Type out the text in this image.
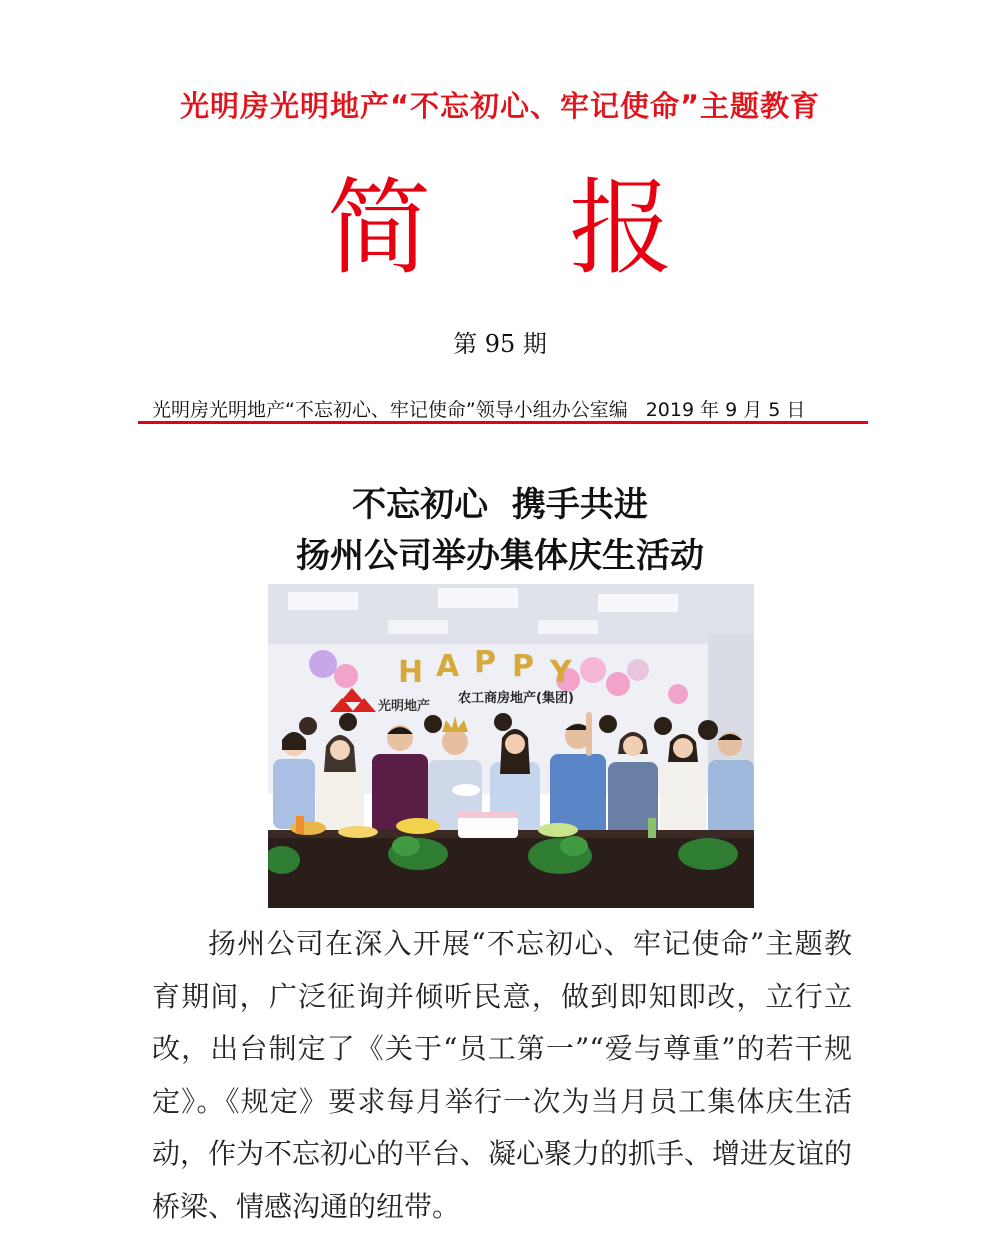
光明房光明地产“不忘初心、牢记使命”主题教育
简 报
第 95 期
光明房光明地产“不忘初心、牢记使命”领导小组办公室编 2019 年 9 月 5 日
不忘初心  携手共进
扬州公司举办集体庆生活动
H A P P Y
光明地产
农工商房地产(集团)
扬州公司在深入开展“不忘初心、牢记使命”主题教育期间，广泛征询并倾听民意，做到即知即改，立行立改，出台制定了《关于“员工第一”“爱与尊重”的若干规定》。《规定》要求每月举行一次为当月员工集体庆生活动，作为不忘初心的平台、凝心聚力的抓手、增进友谊的桥梁、情感沟通的纽带。
